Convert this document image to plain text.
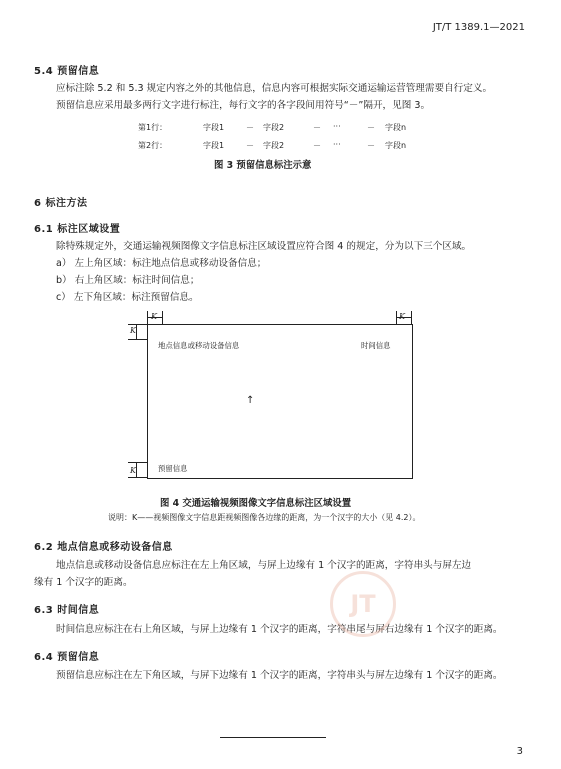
JT/T 1389.1—2021
5.4 预留信息
应标注除 5.2 和 5.3 规定内容之外的其他信息，信息内容可根据实际交通运输运营管理需要自行定义。
预留信息应采用最多两行文字进行标注，每行文字的各字段间用符号“－”隔开，见图 3。
第1行：	字段1	－ 字段2	－ ···	－ 字段n
第2行：	字段1	－ 字段2	－ ···	－ 字段n
图 3 预留信息标注示意
6 标注方法
6.1 标注区域设置
除特殊规定外，交通运输视频图像文字信息标注区域设置应符合图 4 的规定，分为以下三个区域。
a） 左上角区域：标注地点信息或移动设备信息；
b） 右上角区域：标注时间信息；
c） 左下角区域：标注预留信息。
K	K
K
K
地点信息或移动设备信息	时间信息
预留信息
↑
图 4 交通运输视频图像文字信息标注区域设置
说明：K——视频图像文字信息距视频图像各边缘的距离，为一个汉字的大小（见 4.2）。
6.2 地点信息或移动设备信息
地点信息或移动设备信息应标注在左上角区域，与屏上边缘有 1 个汉字的距离，字符串头与屏左边
缘有 1 个汉字的距离。
6.3 时间信息
时间信息应标注在右上角区域，与屏上边缘有 1 个汉字的距离，字符串尾与屏右边缘有 1 个汉字的距离。
6.4 预留信息
预留信息应标注在左下角区域，与屏下边缘有 1 个汉字的距离，字符串头与屏左边缘有 1 个汉字的距离。
JT
3
